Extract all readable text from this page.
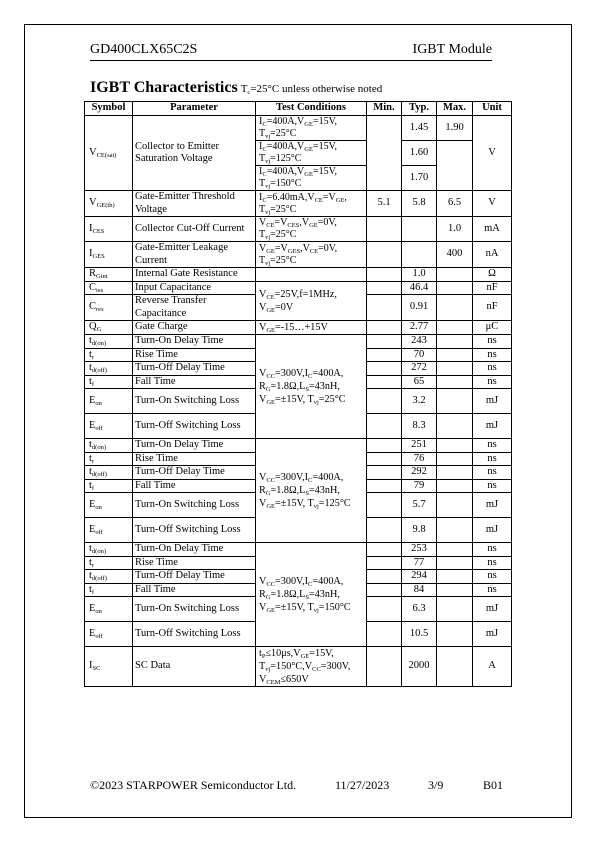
GD400CLX65C2S	IGBT Module
IGBT Characteristics $T_c=25^\circ C$ unless otherwise noted
Symbol	Parameter	Test Conditions	Min.	Typ.	Max.	Unit
$V_{CE(sat)}$	Collector to Emitter Saturation Voltage	$I_C=400A,V_{GE}=15V$, $T_{vj}=25^\circ C$		1.45	1.90	V
		$I_C=400A,V_{GE}=15V$, $T_{vj}=125^\circ C$		1.60		
		$I_C=400A,V_{GE}=15V$, $T_{vj}=150^\circ C$		1.70		
$V_{GE(th)}$	Gate-Emitter Threshold Voltage	$I_C=6.40mA,V_{CE}=V_{GE}$, $T_{vj}=25^\circ C$	5.1	5.8	6.5	V
$I_{CES}$	Collector Cut-Off Current	$V_{CE}=V_{CES},V_{GE}=0V$, $T_{vj}=25^\circ C$			1.0	mA
$I_{GES}$	Gate-Emitter Leakage Current	$V_{GE}=V_{GES},V_{CE}=0V$, $T_{vj}=25^\circ C$			400	nA
$R_{Gint}$	Internal Gate Resistance			1.0		Ω
$C_{ies}$	Input Capacitance	$V_{CE}=25V,f=1MHz$, $V_{GE}=0V$		46.4		nF
$C_{res}$	Reverse Transfer Capacitance			0.91		nF
$Q_G$	Gate Charge	$V_{GE}=-15\dots+15V$		2.77		μC
$t_{d(on)}$	Turn-On Delay Time	$V_{CC}=300V,I_C=400A$, $R_G=1.8\Omega,L_S=43nH$, $V_{GE}=\pm 15V$, $T_{vj}=25^\circ C$		243		ns
$t_r$	Rise Time			70		ns
$t_{d(off)}$	Turn-Off Delay Time			272		ns
$t_f$	Fall Time			65		ns
$E_{on}$	Turn-On Switching Loss			3.2		mJ
$E_{off}$	Turn-Off Switching Loss			8.3		mJ
$t_{d(on)}$	Turn-On Delay Time	$V_{CC}=300V,I_C=400A$, $R_G=1.8\Omega,L_S=43nH$, $V_{GE}=\pm 15V$, $T_{vj}=125^\circ C$		251		ns
$t_r$	Rise Time			76		ns
$t_{d(off)}$	Turn-Off Delay Time			292		ns
$t_f$	Fall Time			79		ns
$E_{on}$	Turn-On Switching Loss			5.7		mJ
$E_{off}$	Turn-Off Switching Loss			9.8		mJ
$t_{d(on)}$	Turn-On Delay Time	$V_{CC}=300V,I_C=400A$, $R_G=1.8\Omega,L_S=43nH$, $V_{GE}=\pm 15V$, $T_{vj}=150^\circ C$		253		ns
$t_r$	Rise Time			77		ns
$t_{d(off)}$	Turn-Off Delay Time			294		ns
$t_f$	Fall Time			84		ns
$E_{on}$	Turn-On Switching Loss			6.3		mJ
$E_{off}$	Turn-Off Switching Loss			10.5		mJ
$I_{SC}$	SC Data	$t_P\le 10\mu s,V_{GE}=15V$, $T_{vj}=150^\circ C,V_{CC}=300V$, $V_{CEM}\le 650V$		2000		A
©2023 STARPOWER Semiconductor Ltd.	11/27/2023	3/9	B01
